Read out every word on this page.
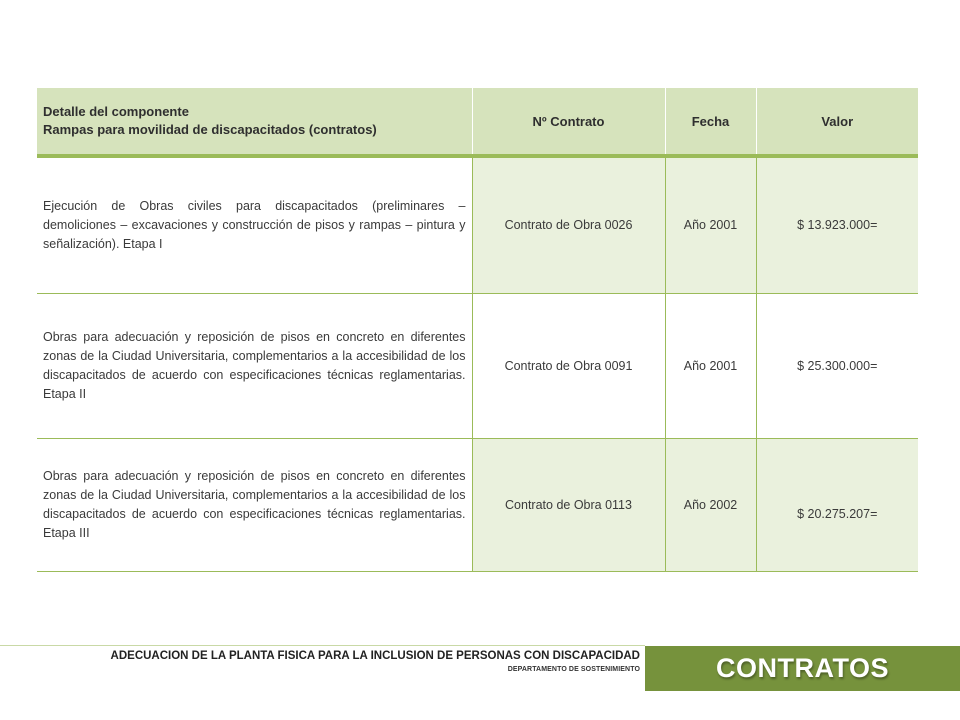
Detalle del componente
Rampas para movilidad de discapacitados (contratos)	Nº Contrato	Fecha	Valor
Ejecución de Obras civiles para discapacitados (preliminares – demoliciones – excavaciones y construcción de pisos y rampas – pintura y señalización). Etapa I	Contrato de Obra 0026	Año 2001	$ 13.923.000=
Obras para adecuación y reposición de pisos en concreto en diferentes zonas de la Ciudad Universitaria, complementarios a la accesibilidad de los discapacitados de acuerdo con especificaciones técnicas reglamentarias. Etapa II	Contrato de Obra 0091	Año 2001	$ 25.300.000=
Obras para adecuación y reposición de pisos en concreto en diferentes zonas de la Ciudad Universitaria, complementarios a la accesibilidad de los discapacitados de acuerdo con especificaciones técnicas reglamentarias. Etapa III	Contrato de Obra 0113	Año 2002	$ 20.275.207=
ADECUACION DE LA PLANTA FISICA PARA LA INCLUSION DE PERSONAS CON DISCAPACIDAD
DEPARTAMENTO DE SOSTENIMIENTO	CONTRATOS
